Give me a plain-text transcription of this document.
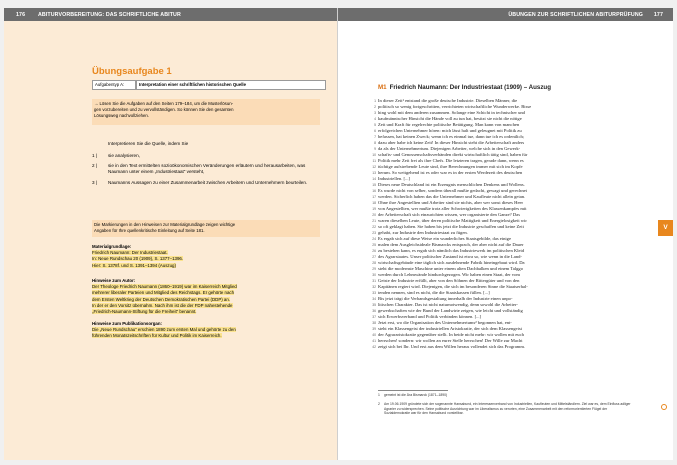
176 ABITURVORBEREITUNG: DAS SCHRIFTLICHE ABITUR
Übungsaufgabe 1
Aufgabentyp A:	Interpretation einer schriftlichen historischen Quelle

→ Lösen Sie die Aufgaben auf den Seiten 179–184, um die Musterlösun-

gen vorzubereiten und zu vervollständigen. So können Sie den gesamten
Lösungsweg nachvollziehen.
Interpretieren Sie die Quelle, indem Sie
1 | sie analysieren,
2 | sie in den Text ermittelten sozioökonomischen Veränderungen erläutern und herausarbeiten, was Naumann unter einem „Industriestaat“ versteht,
3 | Naumanns Aussagen zu einer Zusammenarbeit zwischen Arbeitern und Unternehmern beurteilen.

Die Markierungen in den Hinweisen zur Materialgrundlage zeigen wichtige

Angaben für Ihre quellenkritische Einleitung auf Seite 181.
Materialgrundlage:
Friedrich Naumann: Der Industriestaat.
In: Neue Rundschau 20 (1909), S. 1377–1396.
Hier: S. 1378f. und S. 1391–1394 (Auszug)
Hinweise zum Autor:
Der Theologe Friedrich Naumann (1860–1919) war im Kaiserreich Mitglied
mehrerer liberaler Parteien und Mitglied des Reichstags. Er gehörte nach
dem Ersten Weltkrieg der Deutschen Demokratischen Partei (DDP) an.
In der er den Vorsitz übernahm. Nach ihm ist die der FDP nahestehende
„Friedrich-Naumann-Stiftung für die Freiheit“ benannt.
Hinweise zum Publikationsorgan:
Die „Neue Rundschau“ erschien 1890 zum ersten Mal und gehörte zu den
führenden Monatszeitschriften für Kultur und Politik im Kaiserreich.
ÜBUNGEN ZUR SCHRIFTLICHEN ABITURPRÜFUNG 177
M1 Friedrich Naumann: Der Industriestaat (1909) – Auszug
1 In dieser Zeit¹ entstand die große deutsche Industrie. Dieselben Männer, die
2 politisch so wenig fortgeschritten, verrichteten wirtschaftliche Wunderwerke. Bisse
3 hing wohl mit dem anderen zusammen. Solange eine Schicht in technischer und
4 kaufmännischer Hinsicht die Hände voll zu tun hat, besitzt sie nicht die nötige
5 Zeit und Kraft für regelrechte politische Betätigung. Man kann von manchen
6 erfolgreichen Unternehmer hören: mich lässt halt und geleugnet mit Politik zu
7 befassen, hat keinen Zweck; wenn ich es einmal tue, dann tue ich es ordentlich;
8 dazu aber habe ich keine Zeit! In dieser Hinsicht steht die Arbeiterschaft anders
9 da als der Unternehmertum. Diejenigen Arbeiter, welche sich in den Gewerk-
10 schafts- und Genossenschaftsverbänden direkt wirtschaftlich tätig sind, haben für
11 Politik mehr Zeit frei als ihre Chefs. Die letzteren tragen, gerade dann, wenn es
12 tüchtige aufstrebende Leute sind, ihre Berechnungen immer mit sich im Kopfe
13 herum. So weitgehend ist es oder war es in der ersten Werdezeit des deutschen
14 Industriellen. [...]
15 Dieses neue Deutschland ist ein Erzeugnis menschlichen Denkens und Wollens.
16 Es wurde nicht von selber, sondern überall mußte gedacht, gewagt und gerechnet
17 werden. Sicherlich haben das die Unternehmer und Kaufleute nicht allein getan.
18 Ohne ihre Angestellten und Arbeiter sind sie nichts, aber wer sonst dieses Heer
19 von Angestellten, wer mußte trotz aller Schwierigkeiten des Klassenkampfes mit
20 der Arbeiterschaft sich einzurichten wissen, wer organisierte den Ganze? Das
21 waren dieselben Leute, über deren politische Mattigkeit und Energielosigkeit wir
22 so oft geklagt haben. Sie haben bis jetzt die Industrie geschaffen und keine Zeit
23 gehabt, zur Industrie den Industriestaat zu fügen.
24 Es ergab sich auf diese Weise ein wunderliches Staatsgebilde, das einige
25 malen dem Ausgleichsideale Bismarcks entsprach, der aber nicht auf die Dauer
26 zu bestehen kann, es ergab sich nämlich das Industriewerk im politischen Kleid
27 des Agrarstaates. Unser politischer Zustand ist etwa so, wie wenn in die Land-
28 wirtschaftsgebäude eine täglich sich ausdehnende Fabrik hineingebaut wird. Da
29 steht die modernste Maschine unter einem alten Dachbalken und einem Talggo
30 werden durch Lehmwände hindurchgezogen. Wir haben einen Staat, der vom
31 Geiste der Industrie erfüllt, aber von den Söhnen der Rittergüter und von den
32 Kapitänen regiert wird. Diejenigen, die sich im besonderen Sinne die Staatserhal-
33 tenden nennen, sind es nicht, die die Staatskassen füllen. [...]
34 Bis jetzt trägt die Verbandsgestaltung innerhalb der Industrie einen unpo-
35 litischen Charakter. Das ist nicht naturnotwendig, denn sowohl die Arbeiter-
36 gewerkschaften wie der Bund der Landwirte zeigen, wie leicht und vollständig
37 sich Erwerbsverband und Politik verbinden können. [...]
38 Jetzt erst, wo die Organisation des Unternehmertums² begonnen hat, ent-
39 steht ein Klassengeist der industriellen Aristokratie, der sich dem Klassengeist
40 der Agrararistokratie gegenüber stellt. In beide nicht mehr: wir wollen mit euch
41 herrschen! sondern: wir wollen an eurer Stelle herrschen! Der Wille zur Macht
42 zeigt sich bei Ihr. Und erst aus dem Willen heraus vollendet sich das Programm.
1 gemeint ist die Ära Bismarck (1871–1890)
2 Am 19.06.1909 gründete sich der sogenannte Hansabund, ein Interessenverband von Industriellen, Kaufleuten und Mittelständlern. Ziel war es, dem Einfluss adliger Agrarier zu widersprechen. Seine politische Ausrichtung war im Liberalismus zu verorten, eine Zusammenarbeit mit den reformorientierten Flügel der Sozialdemokratie war für den Hansabund vorstellbar.
V
